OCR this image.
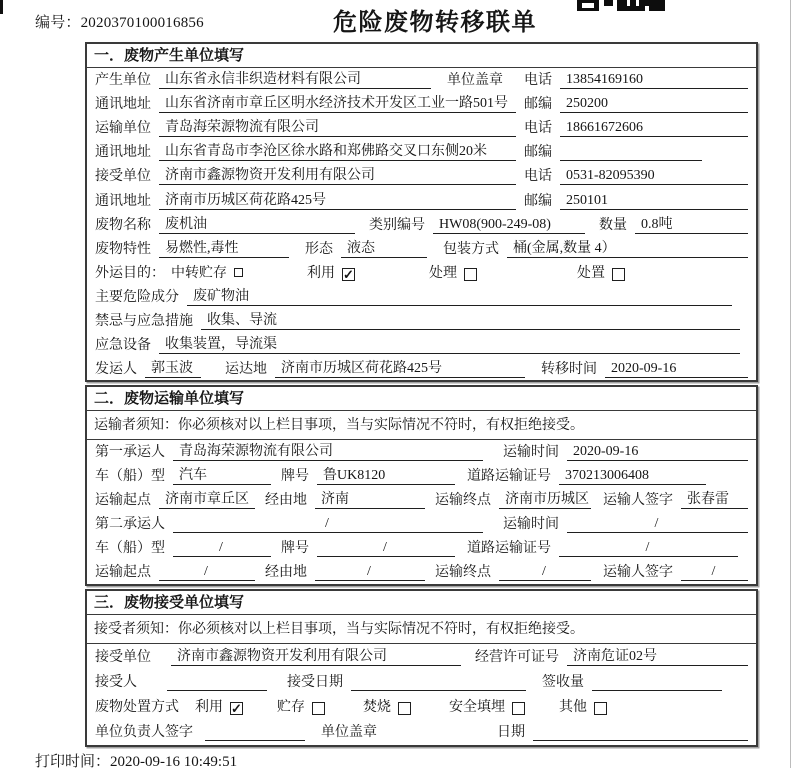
编号：2020370100016856	危险废物转移联单
一．废物产生单位填写
产生单位	山东省永信非织造材料有限公司	单位盖章 电话	13854169160
通讯地址	山东省济南市章丘区明水经济技术开发区工业一路501号	邮编	250200
运输单位	青岛海荣源物流有限公司	电话	18661672606
通讯地址	山东省青岛市李沧区徐水路和郑佛路交叉口东侧20米	邮编
接受单位	济南市鑫源物资开发利用有限公司	电话	0531-82095390
通讯地址	济南市历城区荷花路425号	邮编	250101
废物名称	废机油	类别编号	HW08(900-249-08)	数量	0.8吨
废物特性	易燃性,毒性	形态	液态	包装方式	桶(金属,数量 4）
外运目的： 中转贮存	利用 ✓	处理	处置
主要危险成分	废矿物油
禁忌与应急措施	收集、导流
应急设备	收集装置，导流渠
发运人	郭玉波	运达地	济南市历城区荷花路425号	转移时间	2020-09-16
二．废物运输单位填写
运输者须知：你必须核对以上栏目事项，当与实际情况不符时，有权拒绝接受。
第一承运人	青岛海荣源物流有限公司	运输时间	2020-09-16
车（船）型	汽车	牌号	鲁UK8120	道路运输证号	370213006408
运输起点	济南市章丘区	经由地	济南	运输终点	济南市历城区 运输人签字	张春雷
第二承运人	/	运输时间	/
车（船）型	/	牌号	/	道路运输证号	/
运输起点	/	经由地	/	运输终点	/	运输人签字	/
三．废物接受单位填写
接受者须知：你必须核对以上栏目事项，当与实际情况不符时，有权拒绝接受。
接受单位	济南市鑫源物资开发利用有限公司	经营许可证号	济南危证02号
接受人	接受日期	签收量
废物处置方式 利用 ✓	贮存	焚烧	安全填埋	其他
单位负责人签字	单位盖章	日期
打印时间：2020-09-16 10:49:51
